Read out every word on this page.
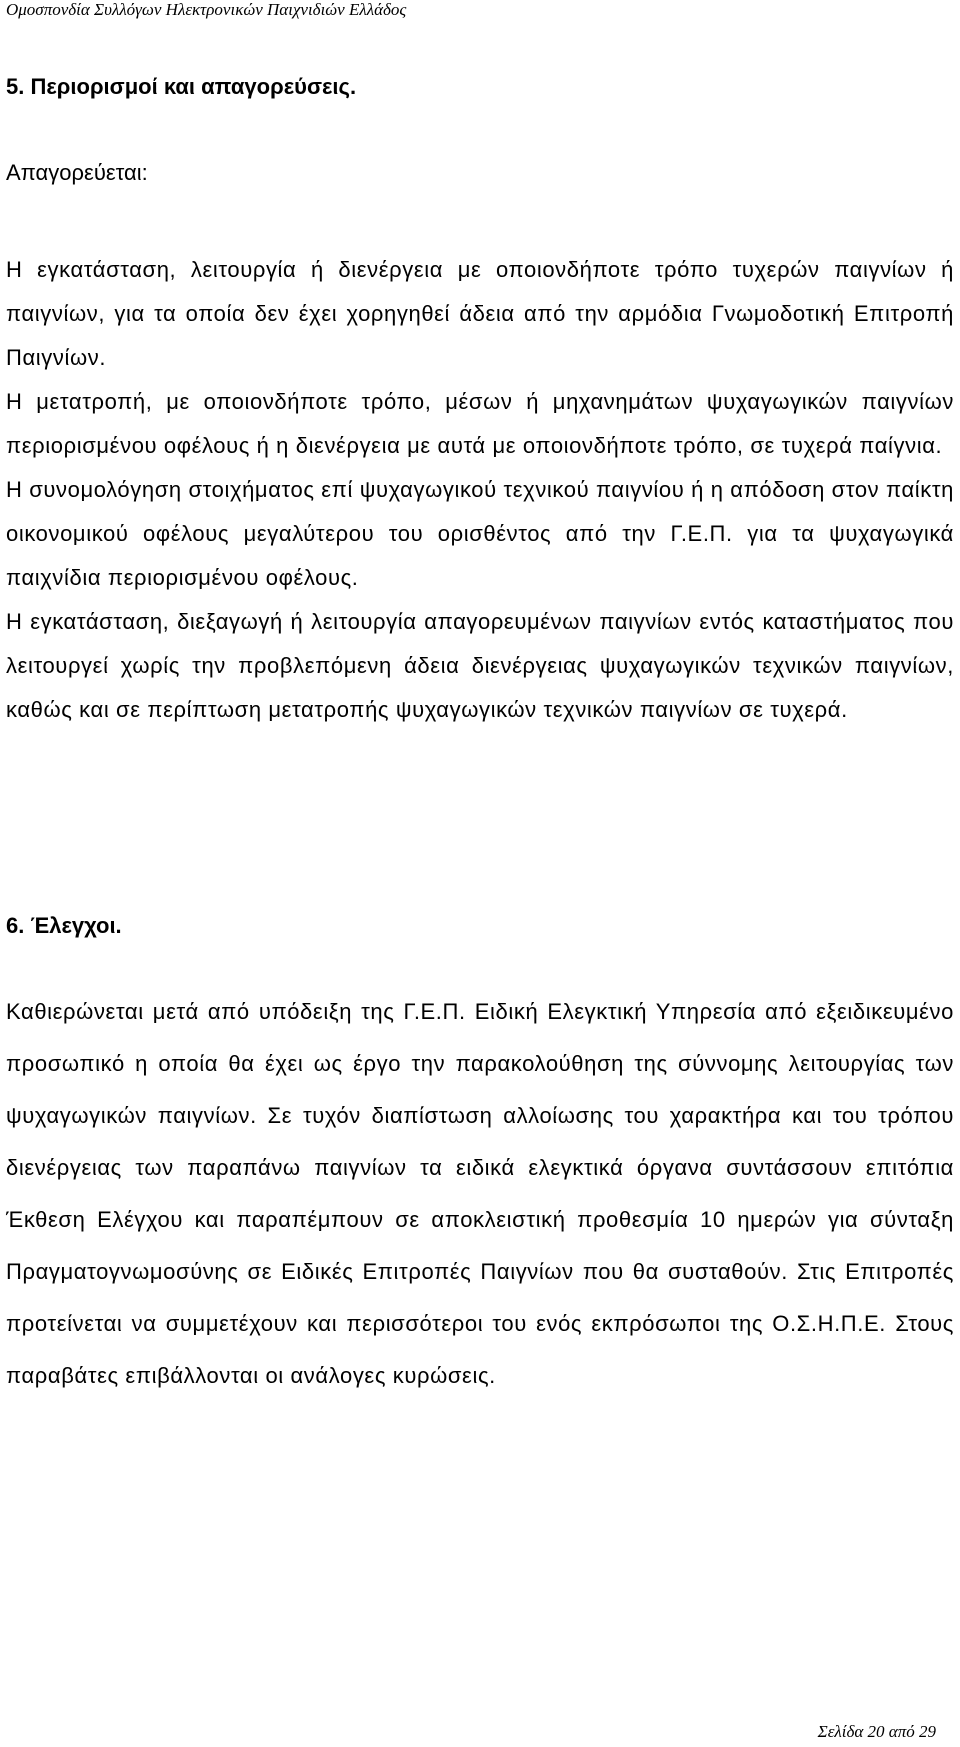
Ομοσπονδία Συλλόγων Ηλεκτρονικών Παιχνιδιών Ελλάδος
5. Περιορισμοί και απαγορεύσεις.
Απαγορεύεται:

Η εγκατάσταση, λειτουργία ή διενέργεια με οποιονδήποτε τρόπο τυχερών παιγνίων ή παιγνίων, για τα οποία δεν έχει χορηγηθεί άδεια από την αρμόδια Γνωμοδοτική Επιτροπή Παιγνίων.

Η μετατροπή, με οποιονδήποτε τρόπο, μέσων ή μηχανημάτων ψυχαγωγικών παιγνίων περιορισμένου οφέλους ή η διενέργεια με αυτά με οποιονδήποτε τρόπο, σε τυχερά παίγνια.

Η συνομολόγηση στοιχήματος επί ψυχαγωγικού τεχνικού παιγνίου ή η απόδοση στον παίκτη οικονομικού οφέλους μεγαλύτερου του ορισθέντος από την Γ.Ε.Π. για τα ψυχαγωγικά παιχνίδια περιορισμένου οφέλους.

Η εγκατάσταση, διεξαγωγή ή λειτουργία απαγορευμένων παιγνίων εντός καταστήματος που λειτουργεί χωρίς την προβλεπόμενη άδεια διενέργειας ψυχαγωγικών τεχνικών παιγνίων, καθώς και σε περίπτωση μετατροπής ψυχαγωγικών τεχνικών παιγνίων σε τυχερά.

6. Έλεγχοι.

Καθιερώνεται μετά από υπόδειξη της Γ.Ε.Π. Ειδική Ελεγκτική Υπηρεσία από εξειδικευμένο προσωπικό η οποία θα έχει ως έργο την παρακολούθηση της σύννομης λειτουργίας των ψυχαγωγικών παιγνίων. Σε τυχόν διαπίστωση αλλοίωσης του χαρακτήρα και του τρόπου διενέργειας των παραπάνω παιγνίων τα ειδικά ελεγκτικά όργανα συντάσσουν επιτόπια Έκθεση Ελέγχου και παραπέμπουν σε αποκλειστική προθεσμία 10 ημερών για σύνταξη Πραγματογνωμοσύνης σε Ειδικές Επιτροπές Παιγνίων που θα συσταθούν. Στις Επιτροπές προτείνεται να συμμετέχουν και περισσότεροι του ενός εκπρόσωποι της Ο.Σ.Η.Π.Ε. Στους παραβάτες επιβάλλονται οι ανάλογες κυρώσεις.

Σελίδα 20 από 29
